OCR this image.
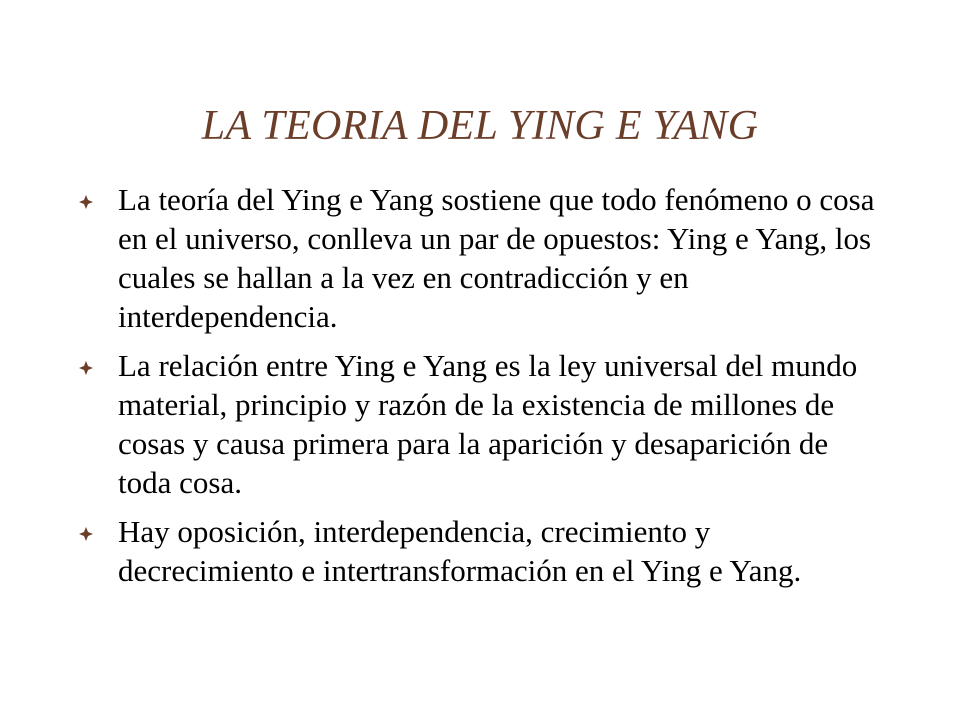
LA TEORIA DEL YING E YANG
La teoría del Ying e Yang sostiene que todo fenómeno o cosa en el universo, conlleva un par de opuestos: Ying e Yang, los cuales se hallan a la vez en contradicción y en interdependencia.
La relación entre Ying e Yang es la ley universal del mundo material, principio y razón de la existencia de millones de cosas y causa primera para la aparición y desaparición de toda cosa.
Hay oposición, interdependencia, crecimiento y decrecimiento e intertransformación en el Ying e Yang.
